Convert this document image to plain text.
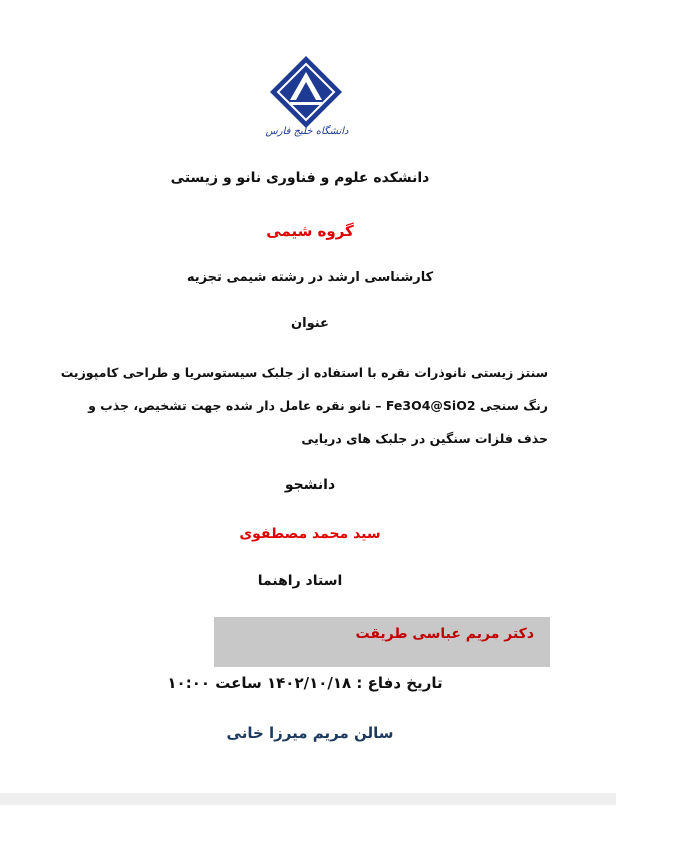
دانشگاه خلیج فارس
دانشکده علوم و فناوری نانو و زیستی
گروه شیمی
کارشناسی ارشد در رشته شیمی تجزیه
عنوان
سنتز زیستی نانوذرات نقره با استفاده از جلبک سیستوسریا و طراحی کامپوزیت
رنگ سنجی Fe3O4@SiO2 – نانو نقره عامل دار شده جهت تشخیص، جذب و
حذف فلزات سنگین در جلبک های دریایی
دانشجو
سید محمد مصطفوی
استاد راهنما
دکتر مریم عباسی طریقت
تاریخ دفاع : ۱۴۰۲/۱۰/۱۸ ساعت ۱۰:۰۰
سالن مریم میرزا خانی
